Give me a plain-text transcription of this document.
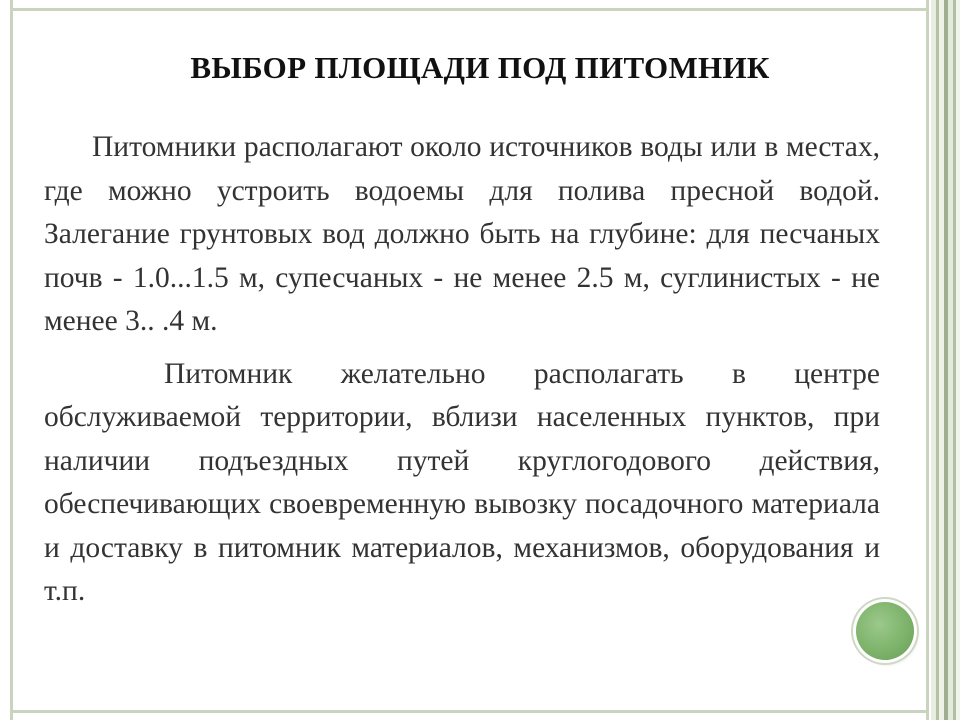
ВЫБОР ПЛОЩАДИ ПОД ПИТОМНИК

Питомники располагают около источников воды или в местах, где можно устроить водоемы для полива пресной водой. Залегание грунтовых вод должно быть на глубине: для песчаных почв - 1.0...1.5 м, супесчаных - не менее 2.5 м, суглинистых - не менее 3.. .4 м.

Питомник желательно располагать в центре обслуживаемой территории, вблизи населенных пунктов, при наличии подъездных путей круглогодового действия, обеспечивающих своевременную вывозку посадочного материала и доставку в питомник материалов, механизмов, оборудования и т.п.
